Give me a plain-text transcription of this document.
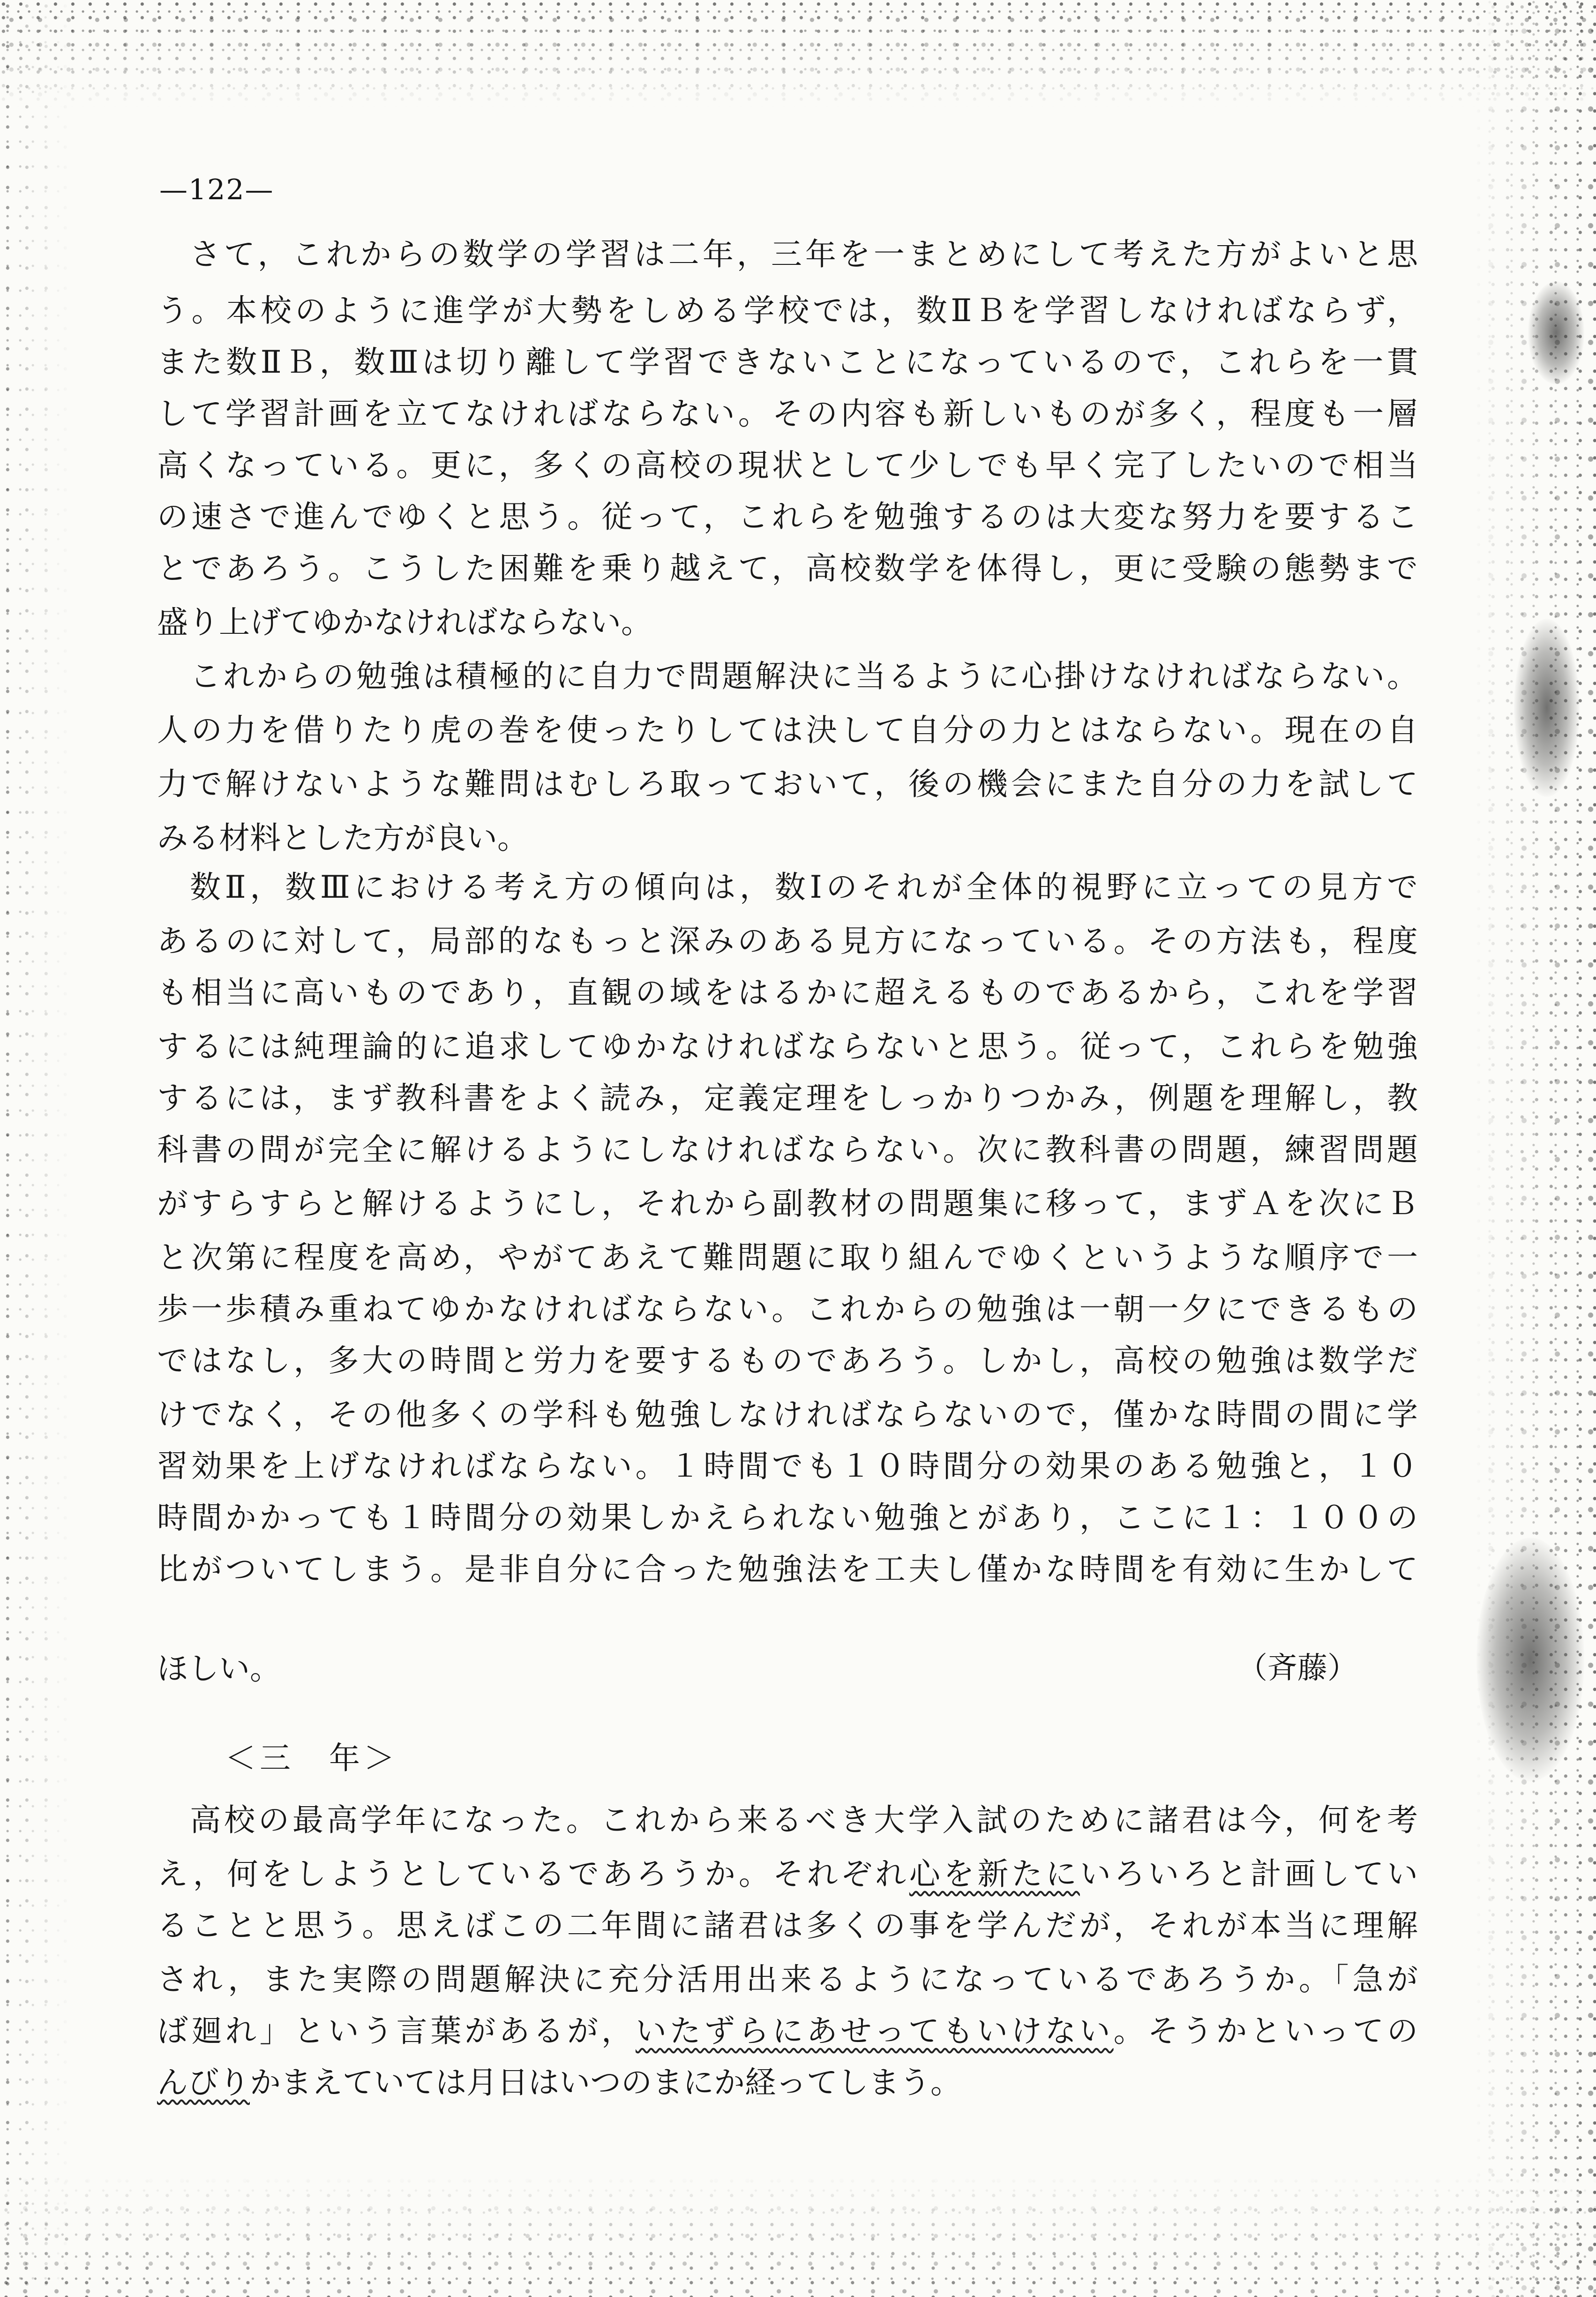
—122—

さて，これからの数学の学習は二年，三年を一まとめにして考えた方がよいと思

う。本校のように進学が大勢をしめる学校では，数ⅡＢを学習しなければならず，

また数ⅡＢ，数Ⅲは切り離して学習できないことになっているので，これらを一貫

して学習計画を立てなければならない。その内容も新しいものが多く，程度も一層

高くなっている。更に，多くの高校の現状として少しでも早く完了したいので相当

の速さで進んでゆくと思う。従って，これらを勉強するのは大変な努力を要するこ

とであろう。こうした困難を乗り越えて，高校数学を体得し，更に受験の態勢まで

盛り上げてゆかなければならない。

これからの勉強は積極的に自力で問題解決に当るように心掛けなければならない。

人の力を借りたり虎の巻を使ったりしては決して自分の力とはならない。現在の自

力で解けないような難問はむしろ取っておいて，後の機会にまた自分の力を試して

みる材料とした方が良い。

数Ⅱ，数Ⅲにおける考え方の傾向は，数Ⅰのそれが全体的視野に立っての見方で

あるのに対して，局部的なもっと深みのある見方になっている。その方法も，程度

も相当に高いものであり，直観の域をはるかに超えるものであるから，これを学習

するには純理論的に追求してゆかなければならないと思う。従って，これらを勉強

するには，まず教科書をよく読み，定義定理をしっかりつかみ，例題を理解し，教

科書の問が完全に解けるようにしなければならない。次に教科書の問題，練習問題

がすらすらと解けるようにし，それから副教材の問題集に移って，まずＡを次にＢ

と次第に程度を高め，やがてあえて難問題に取り組んでゆくというような順序で一

歩一歩積み重ねてゆかなければならない。これからの勉強は一朝一夕にできるもの

ではなし，多大の時間と労力を要するものであろう。しかし，高校の勉強は数学だ

けでなく，その他多くの学科も勉強しなければならないので，僅かな時間の間に学

習効果を上げなければならない。１時間でも１０時間分の効果のある勉強と，１０

時間かかっても１時間分の効果しかえられない勉強とがあり，ここに１：１００の

比がついてしまう。是非自分に合った勉強法を工夫し僅かな時間を有効に生かして

ほしい。	（斉藤）

＜三　年＞

高校の最高学年になった。これから来るべき大学入試のために諸君は今，何を考

え，何をしようとしているであろうか。それぞれ心を新たにいろいろと計画してい

ることと思う。思えばこの二年間に諸君は多くの事を学んだが，それが本当に理解

され，また実際の問題解決に充分活用出来るようになっているであろうか。「急が

ば廻れ」という言葉があるが，いたずらにあせってもいけない。そうかといっての

んびりかまえていては月日はいつのまにか経ってしまう。
